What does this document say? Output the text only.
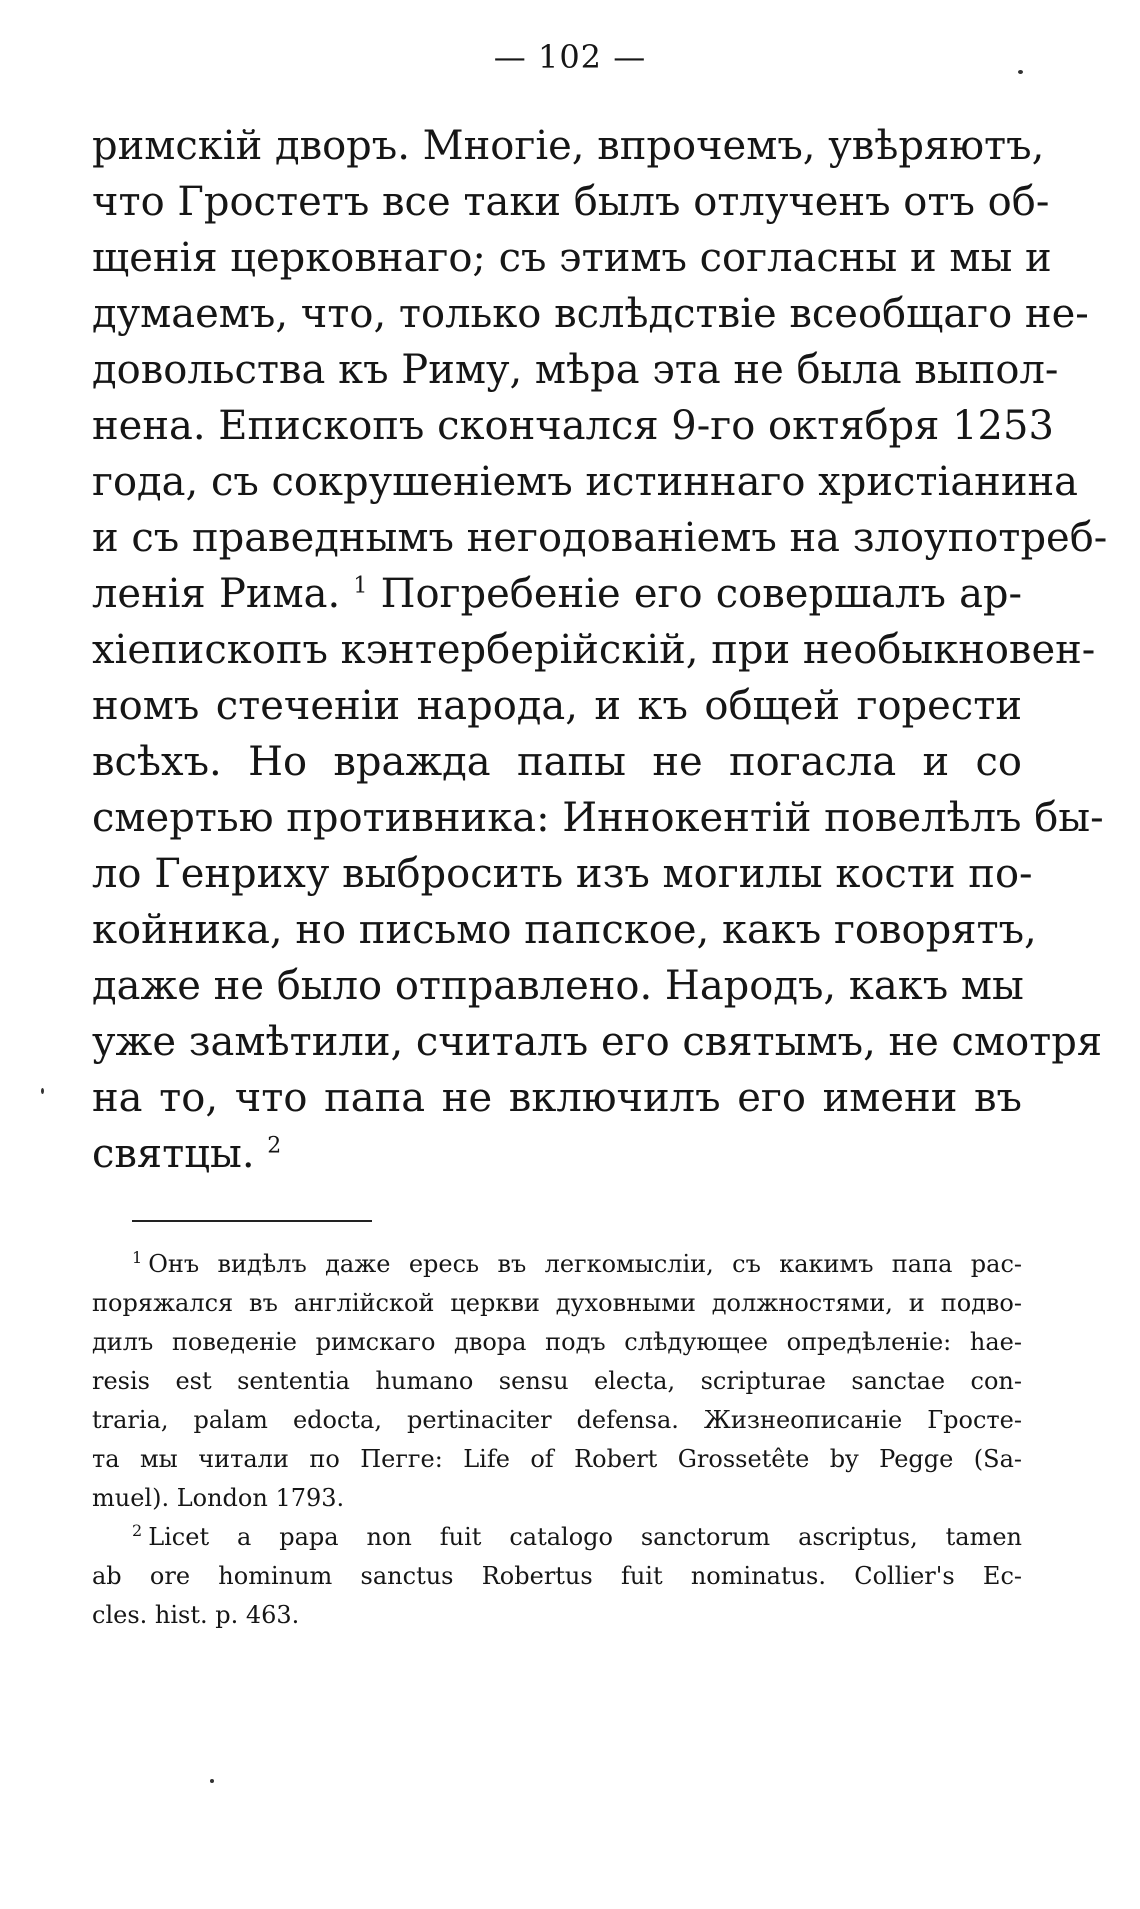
— 102 —
римскій дворъ. Многіе, впрочемъ, увѣряютъ,
что Гростетъ все таки былъ отлученъ отъ об-
щенія церковнаго; съ этимъ согласны и мы и
думаемъ, что, только вслѣдствіе всеобщаго не-
довольства къ Риму, мѣра эта не была выпол-
нена. Епископъ скончался 9-го октября 1253
года, съ сокрушеніемъ истиннаго христіанина
и съ праведнымъ негодованіемъ на злоупотреб-
ленія Рима. $^1$ Погребеніе его совершалъ ар-
хіепископъ кэнтерберійскій, при необыкновен-
номъ стеченіи народа, и къ общей горести
всѣхъ. Но вражда папы не погасла и со
смертью противника: Иннокентій повелѣлъ бы-
ло Генриху выбросить изъ могилы кости по-
койника, но письмо папское, какъ говорятъ,
даже не было отправлено. Народъ, какъ мы
уже замѣтили, считалъ его святымъ, не смотря
на то, что папа не включилъ его имени въ
святцы. $^2$
$^1$ Онъ видѣлъ даже ересь въ легкомысліи, съ какимъ папа рас-
поряжался въ англійской церкви духовными должностями, и подво-
дилъ поведеніе римскаго двора подъ слѣдующее опредѣленіе: hae-
resis est sententia humano sensu electa, scripturae sanctae con-
traria, palam edocta, pertinaciter defensa. Жизнеописаніе Гросте-
та мы читали по Пегге: Life of Robert Grossetête by Pegge (Sa-
muel). London 1793.
$^2$ Licet a papa non fuit catalogo sanctorum ascriptus, tamen
ab ore hominum sanctus Robertus fuit nominatus. Collier's Ec-
cles. hist. p. 463.
